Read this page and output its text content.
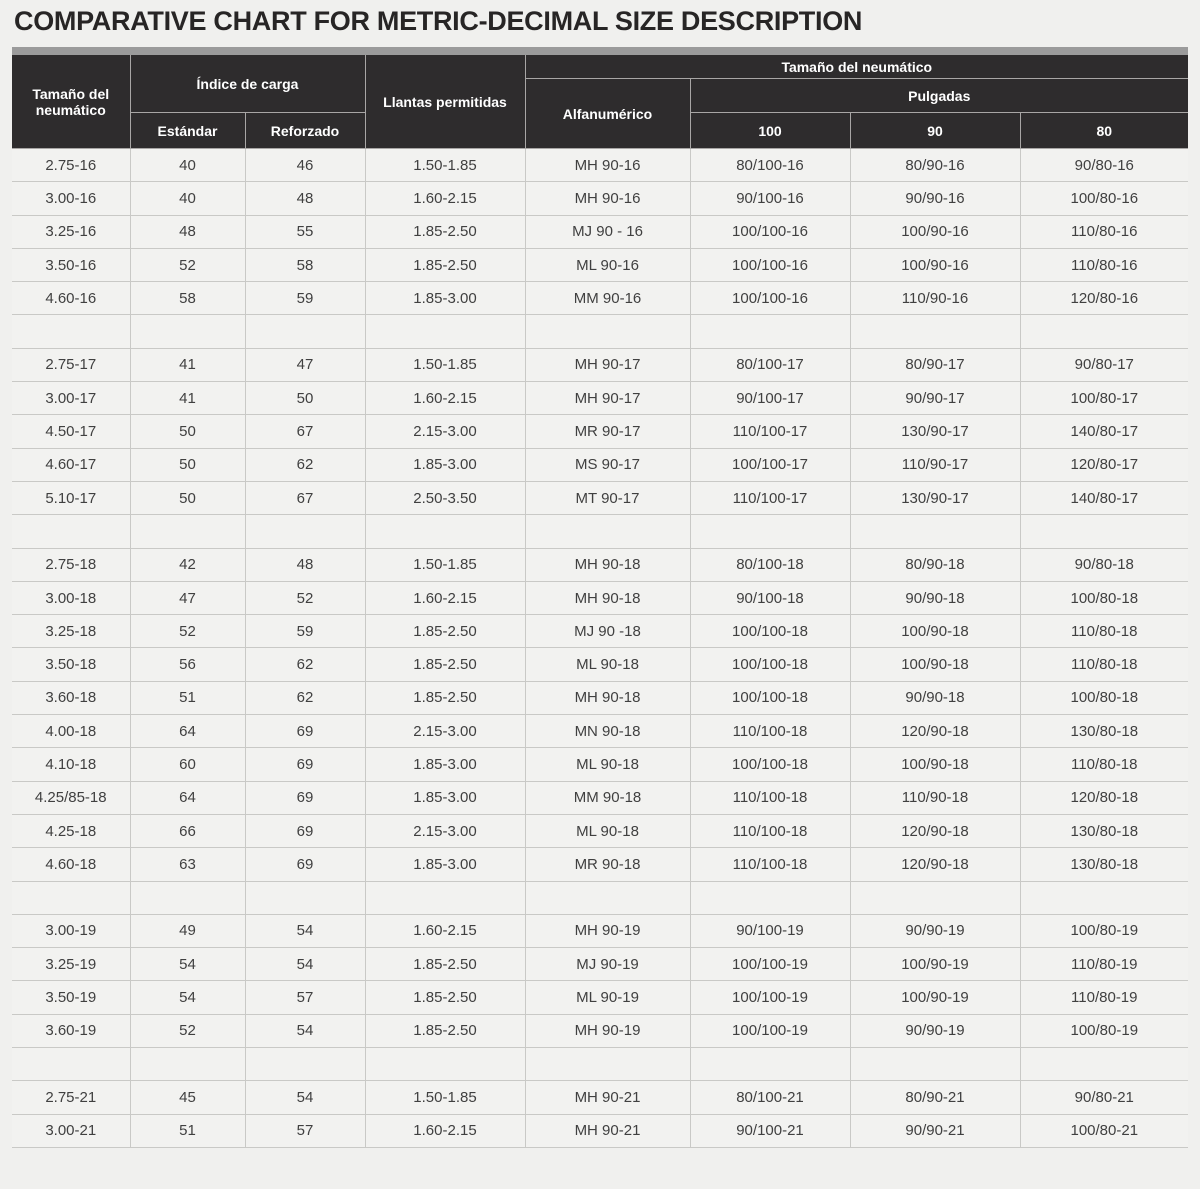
COMPARATIVE CHART FOR METRIC-DECIMAL SIZE DESCRIPTION
Tamaño del neumático	Índice de carga		Llantas permitidas	Tamaño del neumático			
				Alfanumérico	Pulgadas		
	Estándar	Reforzado			100	90	80
2.75-16	40	46	1.50-1.85	MH 90-16	80/100-16	80/90-16	90/80-16
3.00-16	40	48	1.60-2.15	MH 90-16	90/100-16	90/90-16	100/80-16
3.25-16	48	55	1.85-2.50	MJ 90 - 16	100/100-16	100/90-16	110/80-16
3.50-16	52	58	1.85-2.50	ML 90-16	100/100-16	100/90-16	110/80-16
4.60-16	58	59	1.85-3.00	MM 90-16	100/100-16	110/90-16	120/80-16

2.75-17	41	47	1.50-1.85	MH 90-17	80/100-17	80/90-17	90/80-17
3.00-17	41	50	1.60-2.15	MH 90-17	90/100-17	90/90-17	100/80-17
4.50-17	50	67	2.15-3.00	MR 90-17	110/100-17	130/90-17	140/80-17
4.60-17	50	62	1.85-3.00	MS 90-17	100/100-17	110/90-17	120/80-17
5.10-17	50	67	2.50-3.50	MT 90-17	110/100-17	130/90-17	140/80-17

2.75-18	42	48	1.50-1.85	MH 90-18	80/100-18	80/90-18	90/80-18
3.00-18	47	52	1.60-2.15	MH 90-18	90/100-18	90/90-18	100/80-18
3.25-18	52	59	1.85-2.50	MJ 90 -18	100/100-18	100/90-18	110/80-18
3.50-18	56	62	1.85-2.50	ML 90-18	100/100-18	100/90-18	110/80-18
3.60-18	51	62	1.85-2.50	MH 90-18	100/100-18	90/90-18	100/80-18
4.00-18	64	69	2.15-3.00	MN 90-18	110/100-18	120/90-18	130/80-18
4.10-18	60	69	1.85-3.00	ML 90-18	100/100-18	100/90-18	110/80-18
4.25/85-18	64	69	1.85-3.00	MM 90-18	110/100-18	110/90-18	120/80-18
4.25-18	66	69	2.15-3.00	ML 90-18	110/100-18	120/90-18	130/80-18
4.60-18	63	69	1.85-3.00	MR 90-18	110/100-18	120/90-18	130/80-18

3.00-19	49	54	1.60-2.15	MH 90-19	90/100-19	90/90-19	100/80-19
3.25-19	54	54	1.85-2.50	MJ 90-19	100/100-19	100/90-19	110/80-19
3.50-19	54	57	1.85-2.50	ML 90-19	100/100-19	100/90-19	110/80-19
3.60-19	52	54	1.85-2.50	MH 90-19	100/100-19	90/90-19	100/80-19

2.75-21	45	54	1.50-1.85	MH 90-21	80/100-21	80/90-21	90/80-21
3.00-21	51	57	1.60-2.15	MH 90-21	90/100-21	90/90-21	100/80-21
